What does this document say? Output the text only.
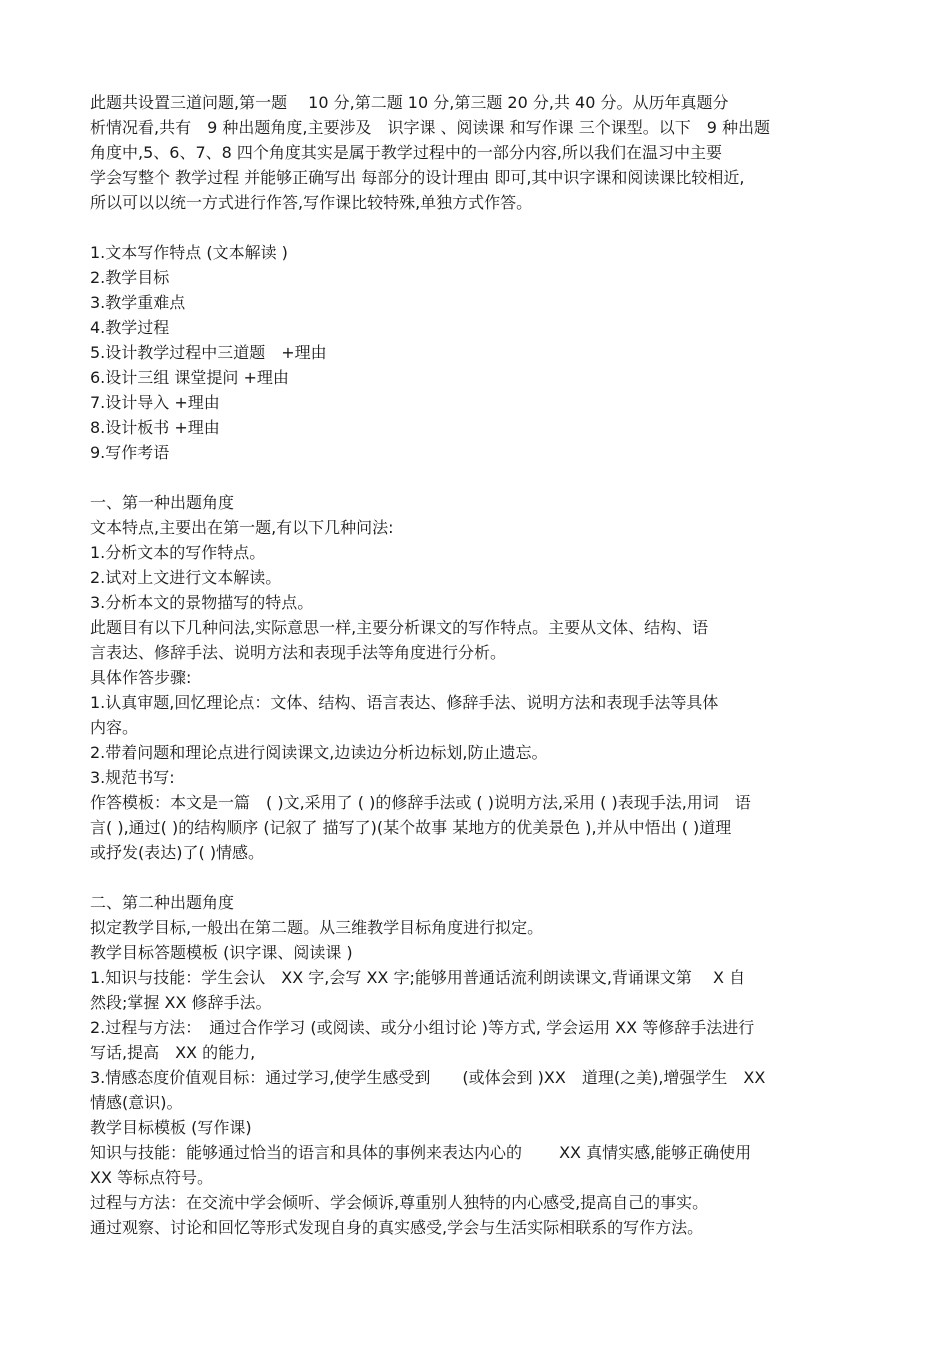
此题共设置三道问题,第一题　 10 分,第二题 10 分,第三题 20 分,共 40 分。从历年真题分
析情况看,共有　9 种出题角度,主要涉及　识字课 、阅读课 和写作课 三个课型。以下　9 种出题
角度中,5、6、7、8 四个角度其实是属于教学过程中的一部分内容,所以我们在温习中主要
学会写整个 教学过程 并能够正确写出 每部分的设计理由 即可,其中识字课和阅读课比较相近,
所以可以以统一方式进行作答,写作课比较特殊,单独方式作答。
1.文本写作特点 (文本解读 )
2.教学目标
3.教学重难点
4.教学过程
5.设计教学过程中三道题　+理由
6.设计三组 课堂提问 +理由
7.设计导入 +理由
8.设计板书 +理由
9.写作考语
一、第一种出题角度
文本特点,主要出在第一题,有以下几种问法:
1.分析文本的写作特点。
2.试对上文进行文本解读。
3.分析本文的景物描写的特点。
此题目有以下几种问法,实际意思一样,主要分析课文的写作特点。主要从文体、结构、语
言表达、修辞手法、说明方法和表现手法等角度进行分析。
具体作答步骤:
1.认真审题,回忆理论点：文体、结构、语言表达、修辞手法、说明方法和表现手法等具体
内容。
2.带着问题和理论点进行阅读课文,边读边分析边标划,防止遗忘。
3.规范书写:
作答模板：本文是一篇　( )文,采用了 ( )的修辞手法或 ( )说明方法,采用 ( )表现手法,用词　语
言( ),通过( )的结构顺序 (记叙了 描写了)(某个故事 某地方的优美景色 ),并从中悟出 ( )道理
或抒发(表达)了( )情感。
二、第二种出题角度
拟定教学目标,一般出在第二题。从三维教学目标角度进行拟定。
教学目标答题模板 (识字课、阅读课 )
1.知识与技能：学生会认　XX 字,会写 XX 字;能够用普通话流利朗读课文,背诵课文第　 X 自
然段;掌握 XX 修辞手法。
2.过程与方法：　通过合作学习 (或阅读、或分小组讨论 )等方式, 学会运用 XX 等修辞手法进行
写话,提高　XX 的能力,
3.情感态度价值观目标：通过学习,使学生感受到　　(或体会到 )XX　道理(之美),增强学生　XX
情感(意识)。
教学目标模板 (写作课)
知识与技能：能够通过恰当的语言和具体的事例来表达内心的　　 XX 真情实感,能够正确使用
XX 等标点符号。
过程与方法：在交流中学会倾听、学会倾诉,尊重别人独特的内心感受,提高自己的事实。
通过观察、讨论和回忆等形式发现自身的真实感受,学会与生活实际相联系的写作方法。
